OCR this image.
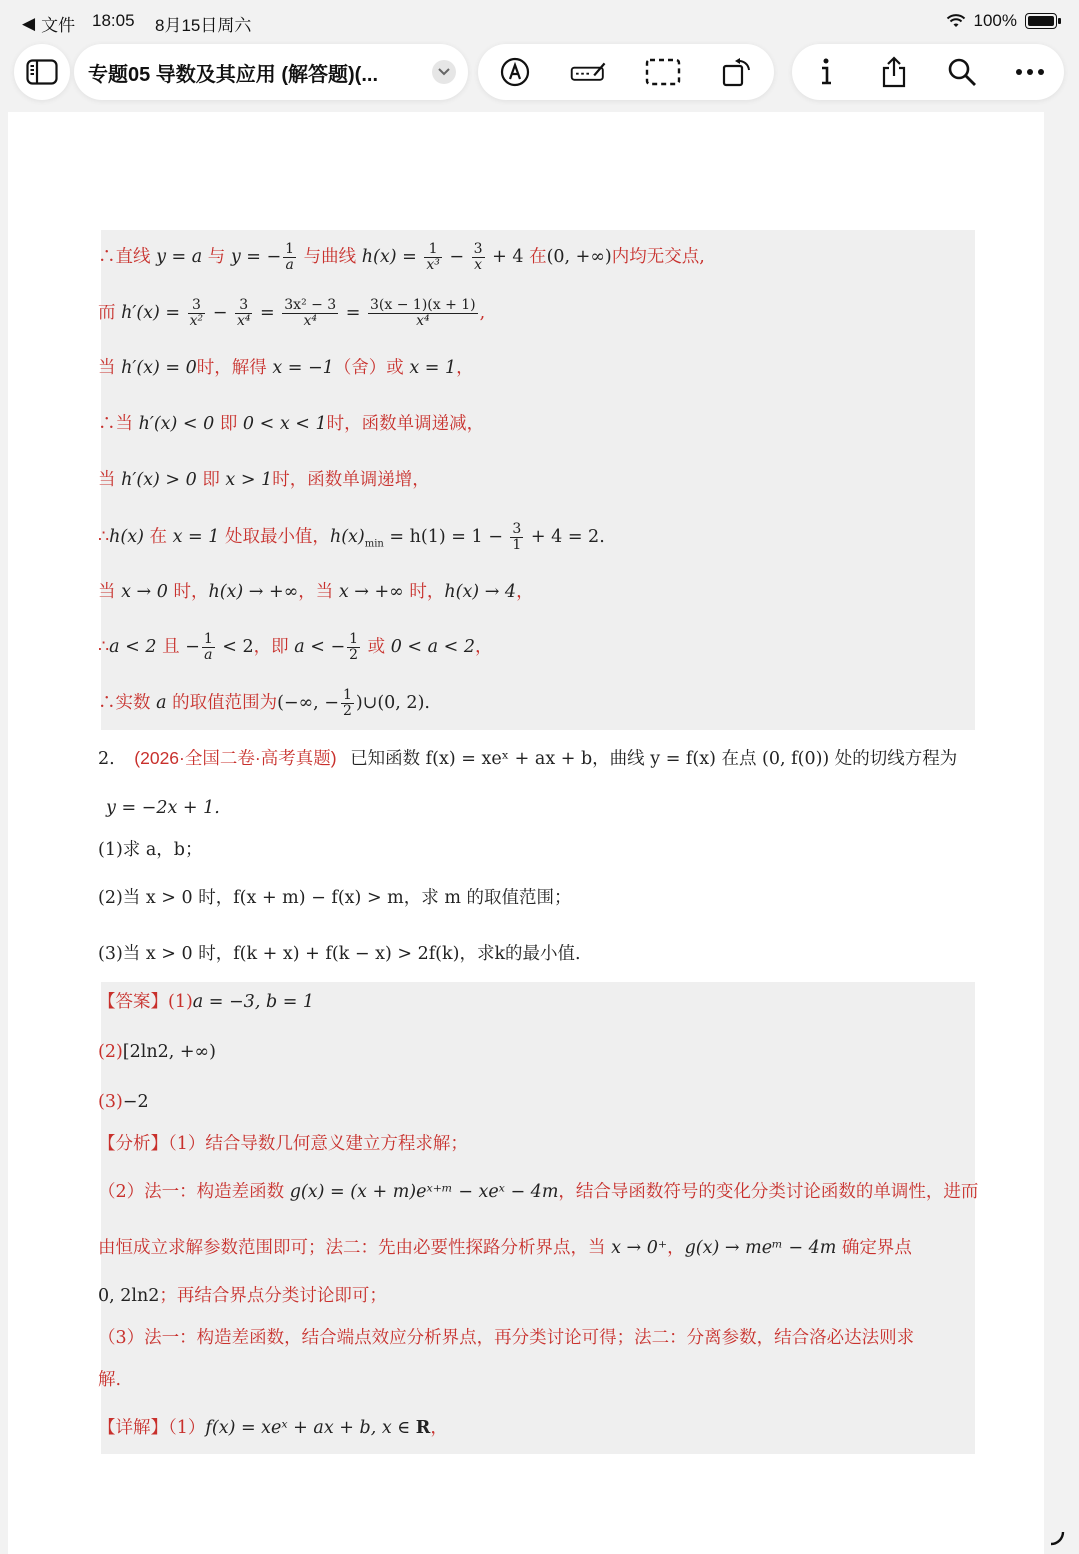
◀ 文件 18:05 8月15日周六	100%
专题05 导数及其应用 (解答题)(...
∴直线 y = a 与 y = − $\frac{1}{a}$ 与曲线 $h(x) = \frac{1}{\text{x³}} - \frac{3}{x} + 4$ 在(0, +∞)内均无交点,
而 $h'(x) = \frac{3}{\text{x²}} - \frac{3}{\text{x⁴}} = \frac{\text{3x² − 3}}{\text{x⁴}} = \frac{3(x - 1)(x + 1)}{\text{x⁴}}$ ,
当 h′(x) = 0时，解得 x = −1（舍）或 x = 1，
∴当 h′(x) < 0 即 0 < x < 1时，函数单调递减，
当 h′(x) > 0 即 x > 1时，函数单调递增，
∴h(x) 在 x = 1 处取最小值，$h(x)_{min} = h(1) = 1 - \frac{3}{1} + 4 = 2$.
当 x → 0 时，h(x) → +∞，当 x → +∞ 时，h(x) → 4，
∴a < 2 且 − $\frac{1}{a} < 2$，即 a < − $\frac{1}{2}$ 或 0 < a < 2，
∴实数 a 的取值范围为(−∞, − $\frac{1}{2}$ )∪(0, 2).
2. (2026·全国二卷·高考真题) 已知函数 f(x) = xeˣ + ax + b，曲线 y = f(x) 在点 (0, f(0)) 处的切线方程为
y = −2x + 1.
(1)求 a，b；
(2)当 x > 0 时，f(x + m) − f(x) > m，求 m 的取值范围；
(3)当 x > 0 时，f(k + x) + f(k − x) > 2f(k)，求k的最小值.
【答案】(1)a = −3, b = 1
(2)[2ln2, +∞)
(3)−2
【分析】（1）结合导数几何意义建立方程求解；
（2）法一：构造差函数 g(x) = (x + m)eˣ⁺ᵐ − xeˣ − 4m，结合导函数符号的变化分类讨论函数的单调性，进而
由恒成立求解参数范围即可；法二：先由必要性探路分析界点，当 x → 0⁺，g(x) → meᵐ − 4m 确定界点
0, 2ln2；再结合界点分类讨论即可；
（3）法一：构造差函数，结合端点效应分析界点，再分类讨论可得；法二：分离参数，结合洛必达法则求
解.
【详解】（1）f(x) = xeˣ + ax + b, x ∈ R，
